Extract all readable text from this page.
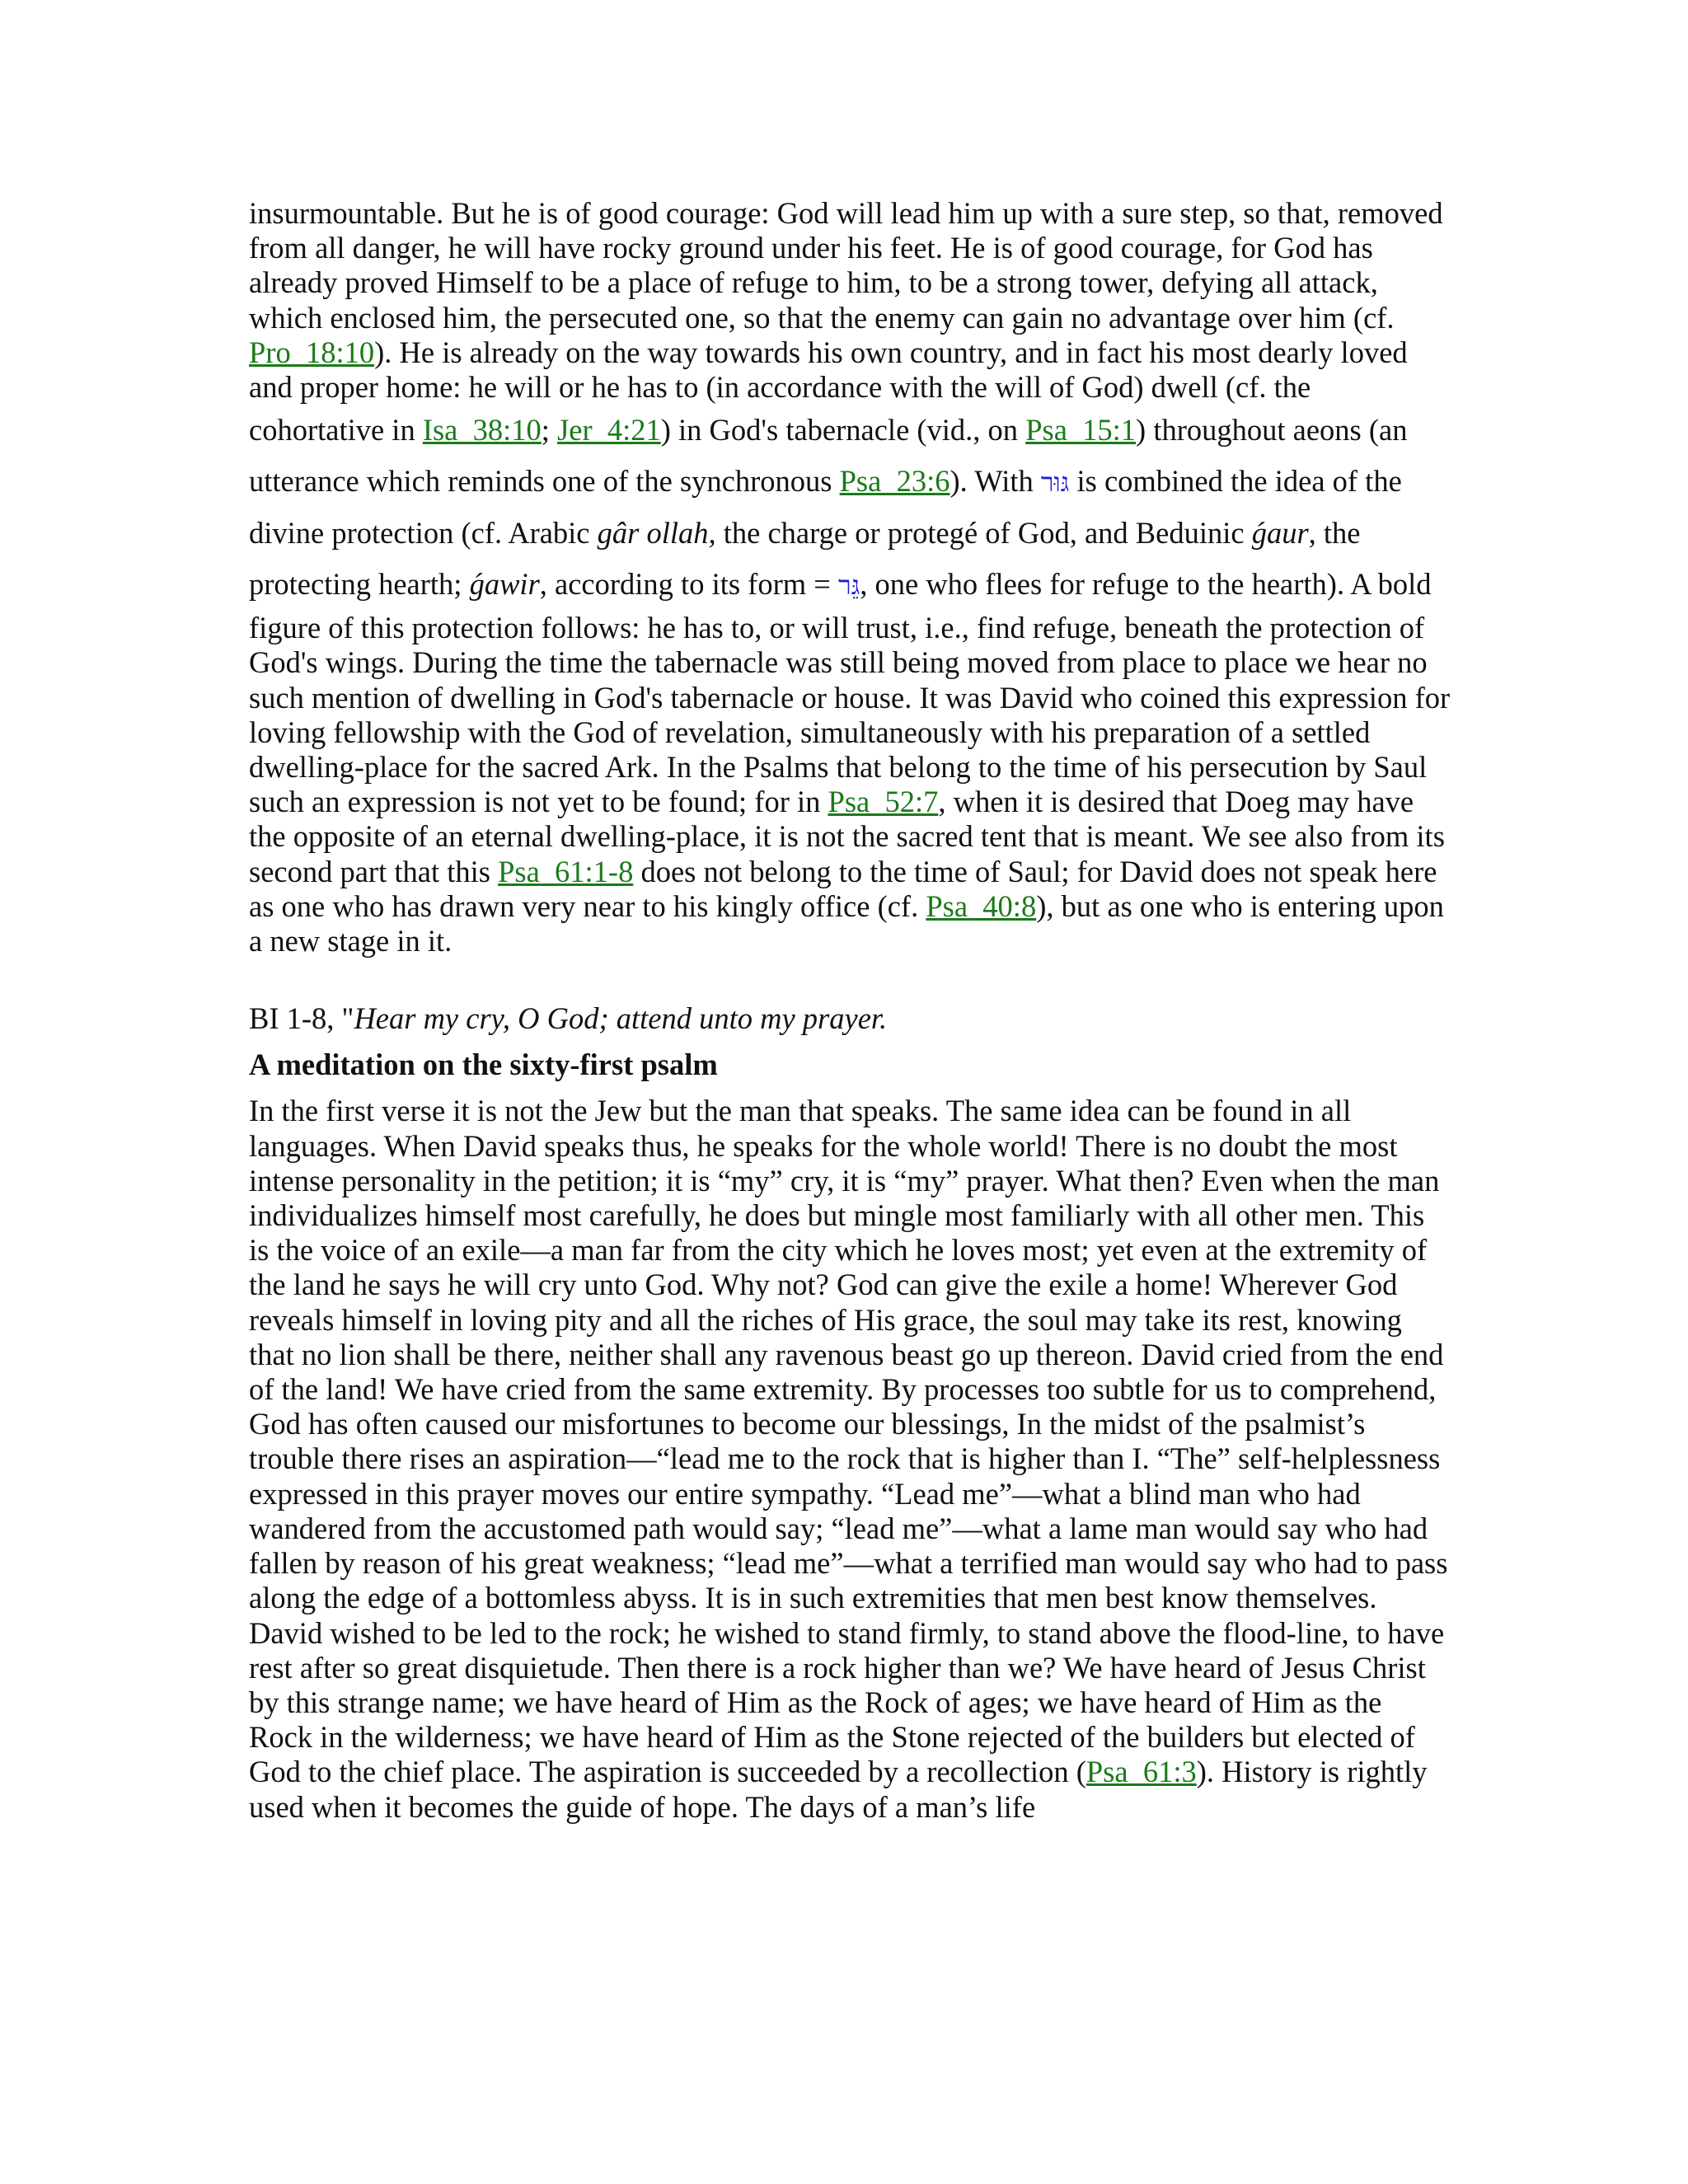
insurmountable. But he is of good courage: God will lead him up with a sure step, so that, removed from all danger, he will have rocky ground under his feet. He is of good courage, for God has already proved Himself to be a place of refuge to him, to be a strong tower, defying all attack, which enclosed him, the persecuted one, so that the enemy can gain no advantage over him (cf. Pro_18:10). He is already on the way towards his own country, and in fact his most dearly loved and proper home: he will or he has to (in accordance with the will of God) dwell (cf. the cohortative in Isa_38:10; Jer_4:21) in God's tabernacle (vid., on Psa_15:1) throughout aeons (an utterance which reminds one of the synchronous Psa_23:6). With גּוּר is combined the idea of the divine protection (cf. Arabic gâr ollah, the charge or protegé of God, and Beduinic ǵaur, the protecting hearth; ǵawir, according to its form = גֵּר, one who flees for refuge to the hearth). A bold figure of this protection follows: he has to, or will trust, i.e., find refuge, beneath the protection of God's wings. During the time the tabernacle was still being moved from place to place we hear no such mention of dwelling in God's tabernacle or house. It was David who coined this expression for loving fellowship with the God of revelation, simultaneously with his preparation of a settled dwelling-place for the sacred Ark. In the Psalms that belong to the time of his persecution by Saul such an expression is not yet to be found; for in Psa_52:7, when it is desired that Doeg may have the opposite of an eternal dwelling-place, it is not the sacred tent that is meant. We see also from its second part that this Psa_61:1-8 does not belong to the time of Saul; for David does not speak here as one who has drawn very near to his kingly office (cf. Psa_40:8), but as one who is entering upon a new stage in it.

BI 1-8, "Hear my cry, O God; attend unto my prayer.

A meditation on the sixty-first psalm

In the first verse it is not the Jew but the man that speaks. The same idea can be found in all languages. When David speaks thus, he speaks for the whole world! There is no doubt the most intense personality in the petition; it is “my” cry, it is “my” prayer. What then? Even when the man individualizes himself most carefully, he does but mingle most familiarly with all other men. This is the voice of an exile—a man far from the city which he loves most; yet even at the extremity of the land he says he will cry unto God. Why not? God can give the exile a home! Wherever God reveals himself in loving pity and all the riches of His grace, the soul may take its rest, knowing that no lion shall be there, neither shall any ravenous beast go up thereon. David cried from the end of the land! We have cried from the same extremity. By processes too subtle for us to comprehend, God has often caused our misfortunes to become our blessings, In the midst of the psalmist’s trouble there rises an aspiration—“lead me to the rock that is higher than I. “The” self-helplessness expressed in this prayer moves our entire sympathy. “Lead me”—what a blind man who had wandered from the accustomed path would say; “lead me”—what a lame man would say who had fallen by reason of his great weakness; “lead me”—what a terrified man would say who had to pass along the edge of a bottomless abyss. It is in such extremities that men best know themselves. David wished to be led to the rock; he wished to stand firmly, to stand above the flood-line, to have rest after so great disquietude. Then there is a rock higher than we? We have heard of Jesus Christ by this strange name; we have heard of Him as the Rock of ages; we have heard of Him as the Rock in the wilderness; we have heard of Him as the Stone rejected of the builders but elected of God to the chief place. The aspiration is succeeded by a recollection (Psa_61:3). History is rightly used when it becomes the guide of hope. The days of a man’s life
